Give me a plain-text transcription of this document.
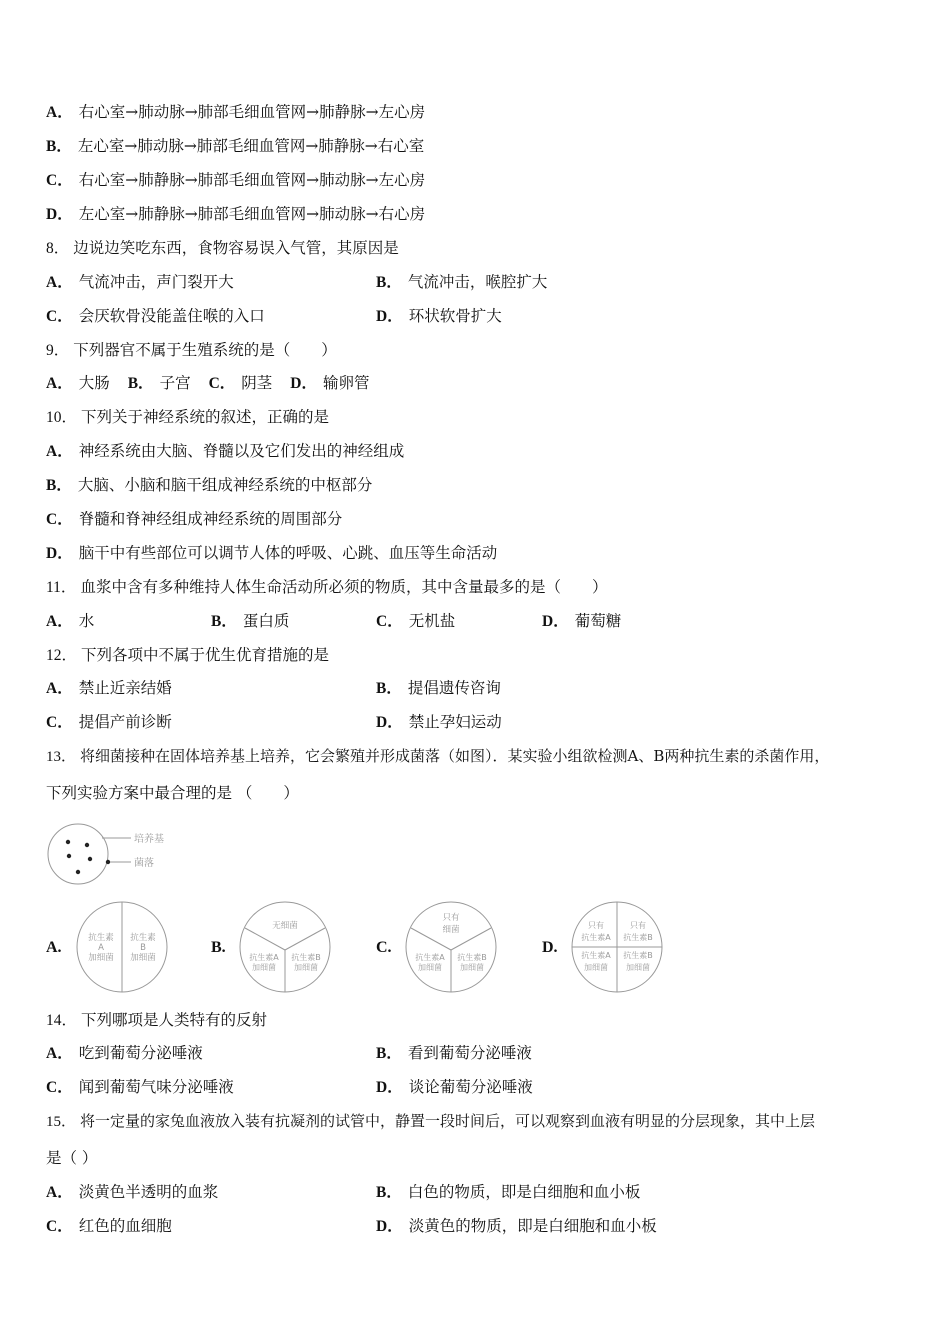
A． 右心室→肺动脉→肺部毛细血管网→肺静脉→左心房
B． 左心室→肺动脉→肺部毛细血管网→肺静脉→右心室
C． 右心室→肺静脉→肺部毛细血管网→肺动脉→左心房
D． 左心室→肺静脉→肺部毛细血管网→肺动脉→右心房
8． 边说边笑吃东西，食物容易误入气管，其原因是
A． 气流冲击，声门裂开大	B． 气流冲击，喉腔扩大
C． 会厌软骨没能盖住喉的入口	D． 环状软骨扩大
9． 下列器官不属于生殖系统的是（　　）
A． 大肠 B． 子宫 C． 阴茎 D． 输卵管
10． 下列关于神经系统的叙述，正确的是
A． 神经系统由大脑、脊髓以及它们发出的神经组成
B． 大脑、小脑和脑干组成神经系统的中枢部分
C． 脊髓和脊神经组成神经系统的周围部分
D． 脑干中有些部位可以调节人体的呼吸、心跳、血压等生命活动
11． 血浆中含有多种维持人体生命活动所必须的物质，其中含量最多的是（　　）
A． 水	B． 蛋白质	C． 无机盐	D． 葡萄糖
12． 下列各项中不属于优生优育措施的是
A． 禁止近亲结婚	B． 提倡遗传咨询
C． 提倡产前诊断	D． 禁止孕妇运动
13． 将细菌接种在固体培养基上培养，它会繁殖并形成菌落（如图）．某实验小组欲检测A、B两种抗生素的杀菌作用，
下列实验方案中最合理的是 （　　）
培养基
菌落
A.
抗生素
A
加细菌
抗生素
B
加细菌
B.
无细菌
抗生素A
加细菌
抗生素B
加细菌
C.
只有
细菌
抗生素A
加细菌
抗生素B
加细菌
D.
只有
抗生素A
只有
抗生素B
抗生素A
加细菌
抗生素B
加细菌
14． 下列哪项是人类特有的反射
A． 吃到葡萄分泌唾液	B． 看到葡萄分泌唾液
C． 闻到葡萄气味分泌唾液	D． 谈论葡萄分泌唾液
15． 将一定量的家兔血液放入装有抗凝剂的试管中，静置一段时间后，可以观察到血液有明显的分层现象，其中上层
是（ ）
A． 淡黄色半透明的血浆	B． 白色的物质，即是白细胞和血小板
C． 红色的血细胞	D． 淡黄色的物质，即是白细胞和血小板
